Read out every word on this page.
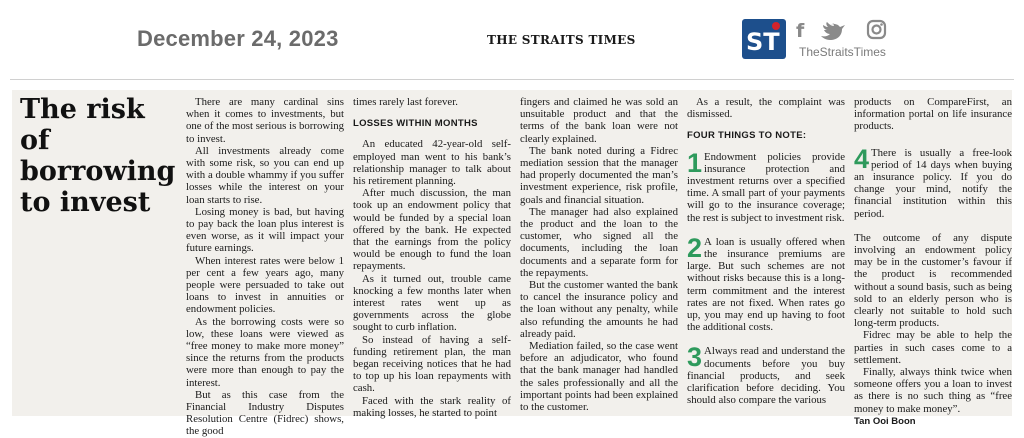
December 24, 2023	THE STRAITS TIMES	ST f
TheStraitsTimes
The risk of borrowing to invest

There are many cardinal sins when it comes to investments, but one of the most serious is borrowing to invest.

All investments already come with some risk, so you can end up with a double whammy if you suffer losses while the interest on your loan starts to rise.

Losing money is bad, but having to pay back the loan plus interest is even worse, as it will impact your future earnings.

When interest rates were below 1 per cent a few years ago, many people were persuaded to take out loans to invest in annuities or endowment policies.

As the borrowing costs were so low, these loans were viewed as “free money to make more money” since the returns from the products were more than enough to pay the interest.

But as this case from the Financial Industry Disputes Resolution Centre (Fidrec) shows, the good

times rarely last forever.

LOSSES WITHIN MONTHS

An educated 42-year-old self-employed man went to his bank’s relationship manager to talk about his retirement planning.

After much discussion, the man took up an endowment policy that would be funded by a special loan offered by the bank. He expected that the earnings from the policy would be enough to fund the loan repayments.

As it turned out, trouble came knocking a few months later when interest rates went up as governments across the globe sought to curb inflation.

So instead of having a self-funding retirement plan, the man began receiving notices that he had to top up his loan repayments with cash.

Faced with the stark reality of making losses, he started to point

fingers and claimed he was sold an unsuitable product and that the terms of the bank loan were not clearly explained.

The bank noted during a Fidrec mediation session that the manager had properly documented the man’s investment experience, risk profile, goals and financial situation.

The manager had also explained the product and the loan to the customer, who signed all the documents, including the loan documents and a separate form for the repayments.

But the customer wanted the bank to cancel the insurance policy and the loan without any penalty, while also refunding the amounts he had already paid.

Mediation failed, so the case went before an adjudicator, who found that the bank manager had handled the sales professionally and all the important points had been explained to the customer.

As a result, the complaint was dismissed.

FOUR THINGS TO NOTE:
1 Endowment policies provide insurance protection and investment returns over a specified time. A small part of your payments will go to the insurance coverage; the rest is subject to investment risk.
2 A loan is usually offered when the insurance premiums are large. But such schemes are not without risks because this is a long-term commitment and the interest rates are not fixed. When rates go up, you may end up having to foot the additional costs.
3 Always read and understand the documents before you buy financial products, and seek clarification before deciding. You should also compare the various

products on CompareFirst, an information portal on life insurance products.

4 There is usually a free-look period of 14 days when buying an insurance policy. If you do change your mind, notify the financial institution within this period.

The outcome of any dispute involving an endowment policy may be in the customer’s favour if the product is recommended without a sound basis, such as being sold to an elderly person who is clearly not suitable to hold such long-term products.

Fidrec may be able to help the parties in such cases come to a settlement.

Finally, always think twice when someone offers you a loan to invest as there is no such thing as “free money to make money”.

Tan Ooi Boon
